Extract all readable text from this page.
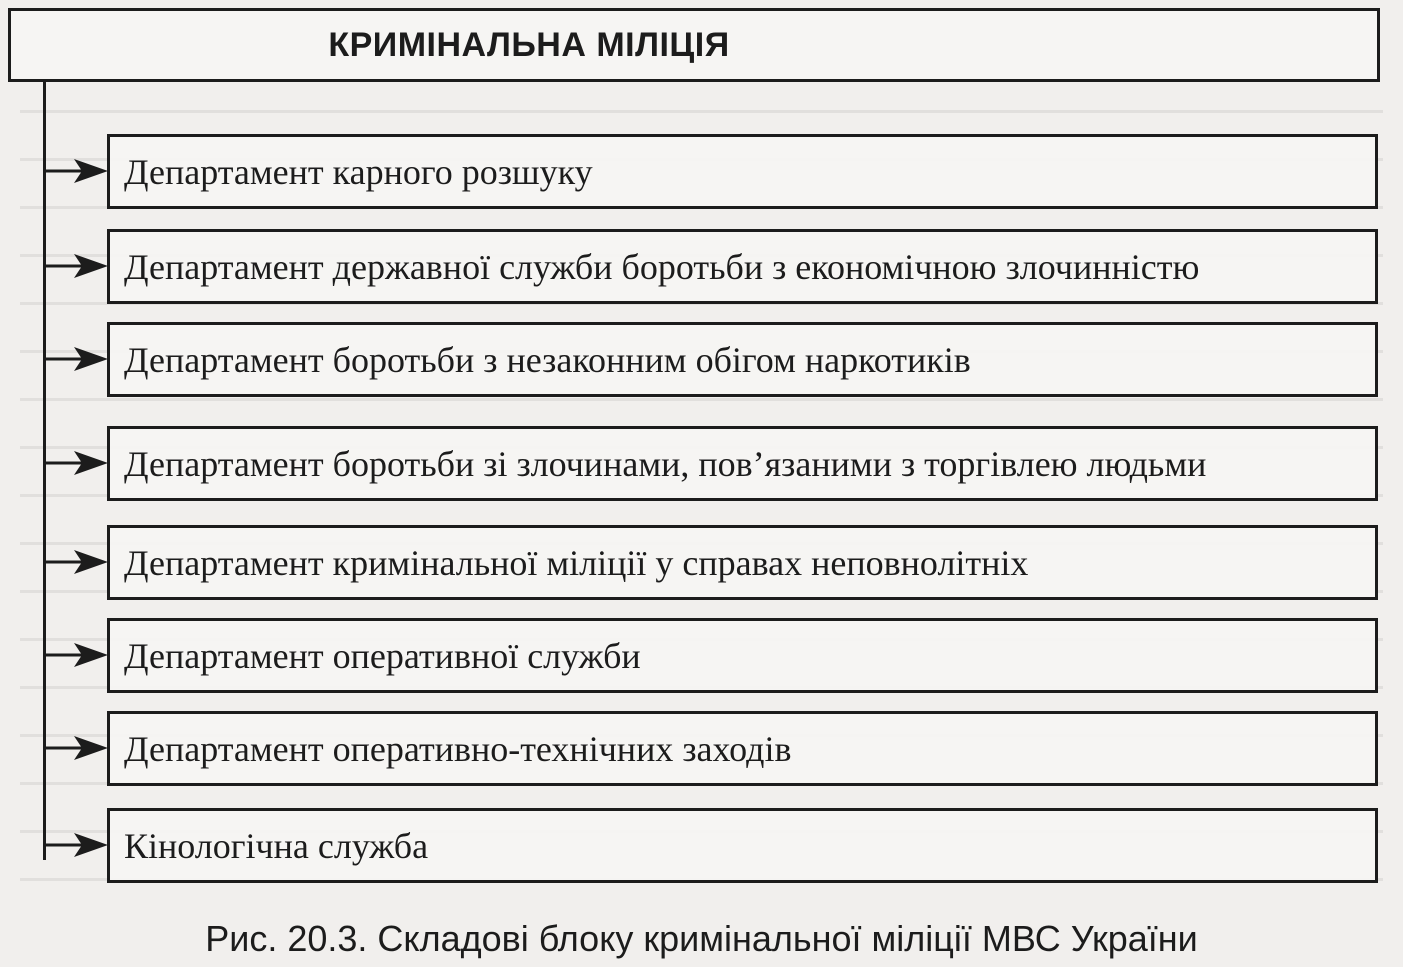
КРИМІНАЛЬНА МІЛІЦІЯ
Департамент карного розшуку
Департамент державної служби боротьби з економічною злочинністю
Департамент боротьби з незаконним обігом наркотиків
Департамент боротьби зі злочинами, пов’язаними з торгівлею людьми
Департамент кримінальної міліції у справах неповнолітніх
Департамент оперативної служби
Департамент оперативно-технічних заходів
Кінологічна служба
Рис. 20.3. Складові блоку кримінальної міліції МВС України
